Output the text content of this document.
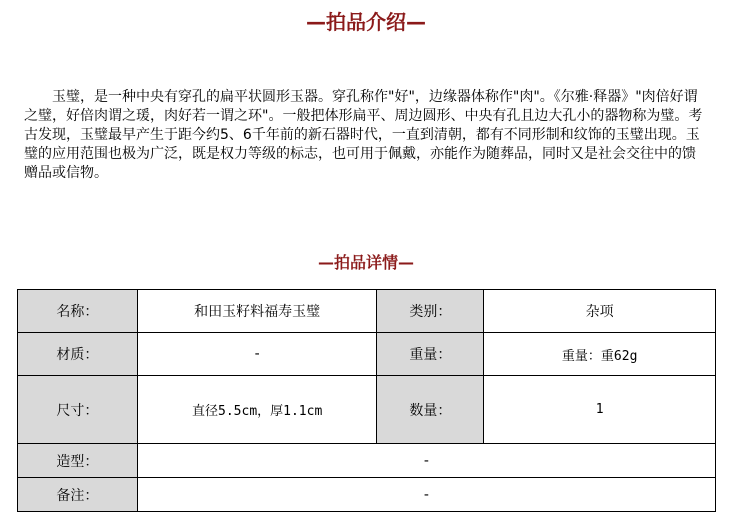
—拍品介绍—
玉璧，是一种中央有穿孔的扁平状圆形玉器。穿孔称作"好"，边缘器体称作"肉"。《尔雅·释器》"肉倍好谓之璧，好倍肉谓之瑗，肉好若一谓之环"。一般把体形扁平、周边圆形、中央有孔且边大孔小的器物称为璧。考古发现，玉璧最早产生于距今约5、6千年前的新石器时代，一直到清朝，都有不同形制和纹饰的玉璧出现。玉璧的应用范围也极为广泛，既是权力等级的标志，也可用于佩戴，亦能作为随葬品，同时又是社会交往中的馈赠品或信物。
—拍品详情—
名称：	和田玉籽料福寿玉璧	类别：	杂项
材质：	-	重量：	重量：重62g
尺寸：	直径5.5cm，厚1.1cm	数量：	1
造型：	-		
备注：	-		
